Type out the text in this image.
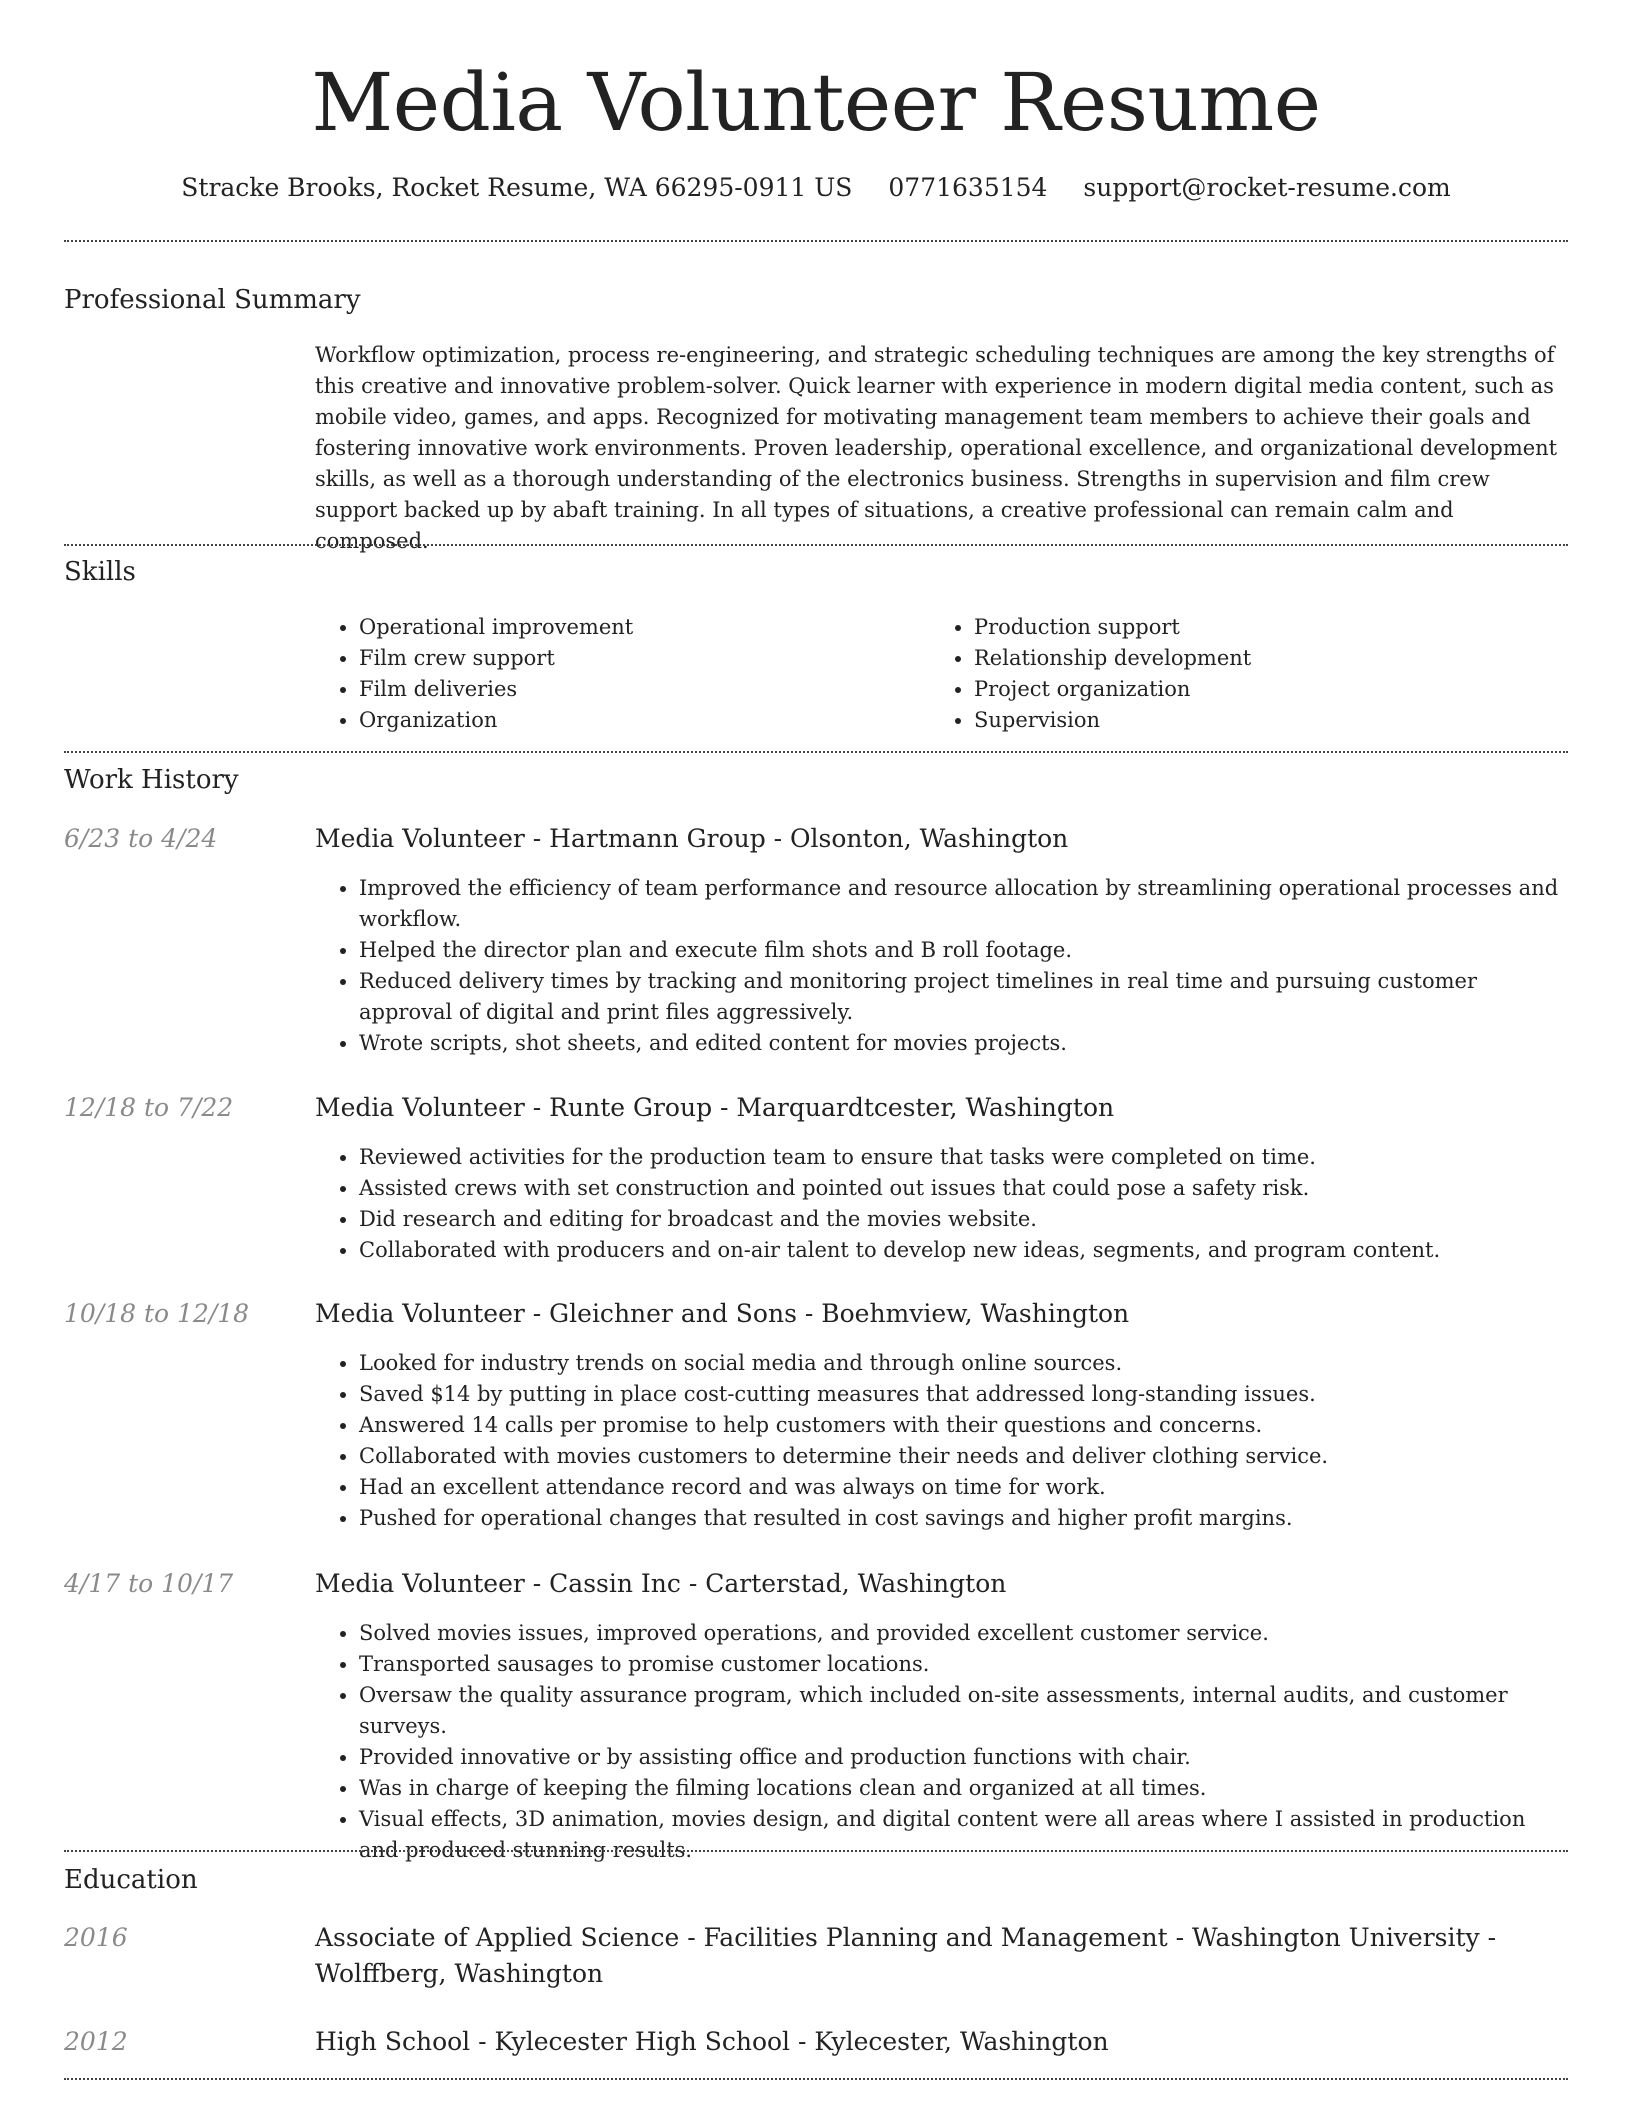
Media Volunteer Resume
Stracke Brooks, Rocket Resume, WA 66295-0911 US 0771635154 support@rocket-resume.com
Professional Summary

Workflow optimization, process re-engineering, and strategic scheduling techniques are among the key strengths of this creative and innovative problem-solver. Quick learner with experience in modern digital media content, such as mobile video, games, and apps. Recognized for motivating management team members to achieve their goals and fostering innovative work environments. Proven leadership, operational excellence, and organizational development skills, as well as a thorough understanding of the electronics business. Strengths in supervision and film crew support backed up by abaft training. In all types of situations, a creative professional can remain calm and composed.

Skills
• Operational improvement
• Film crew support
• Film deliveries
• Organization
• Production support
• Relationship development
• Project organization
• Supervision
Work History
6/23 to 4/24	Media Volunteer - Hartmann Group - Olsonton, Washington
• Improved the efficiency of team performance and resource allocation by streamlining operational processes and workflow.
• Helped the director plan and execute film shots and B roll footage.
• Reduced delivery times by tracking and monitoring project timelines in real time and pursuing customer approval of digital and print files aggressively.
• Wrote scripts, shot sheets, and edited content for movies projects.
12/18 to 7/22	Media Volunteer - Runte Group - Marquardtcester, Washington
• Reviewed activities for the production team to ensure that tasks were completed on time.
• Assisted crews with set construction and pointed out issues that could pose a safety risk.
• Did research and editing for broadcast and the movies website.
• Collaborated with producers and on-air talent to develop new ideas, segments, and program content.
10/18 to 12/18	Media Volunteer - Gleichner and Sons - Boehmview, Washington
• Looked for industry trends on social media and through online sources.
• Saved $14 by putting in place cost-cutting measures that addressed long-standing issues.
• Answered 14 calls per promise to help customers with their questions and concerns.
• Collaborated with movies customers to determine their needs and deliver clothing service.
• Had an excellent attendance record and was always on time for work.
• Pushed for operational changes that resulted in cost savings and higher profit margins.
4/17 to 10/17	Media Volunteer - Cassin Inc - Carterstad, Washington
• Solved movies issues, improved operations, and provided excellent customer service.
• Transported sausages to promise customer locations.
• Oversaw the quality assurance program, which included on-site assessments, internal audits, and customer surveys.
• Provided innovative or by assisting office and production functions with chair.
• Was in charge of keeping the filming locations clean and organized at all times.
• Visual effects, 3D animation, movies design, and digital content were all areas where I assisted in production and produced stunning results.
Education
2016	Associate of Applied Science - Facilities Planning and Management - Washington University - Wolffberg, Washington
2012	High School - Kylecester High School - Kylecester, Washington
